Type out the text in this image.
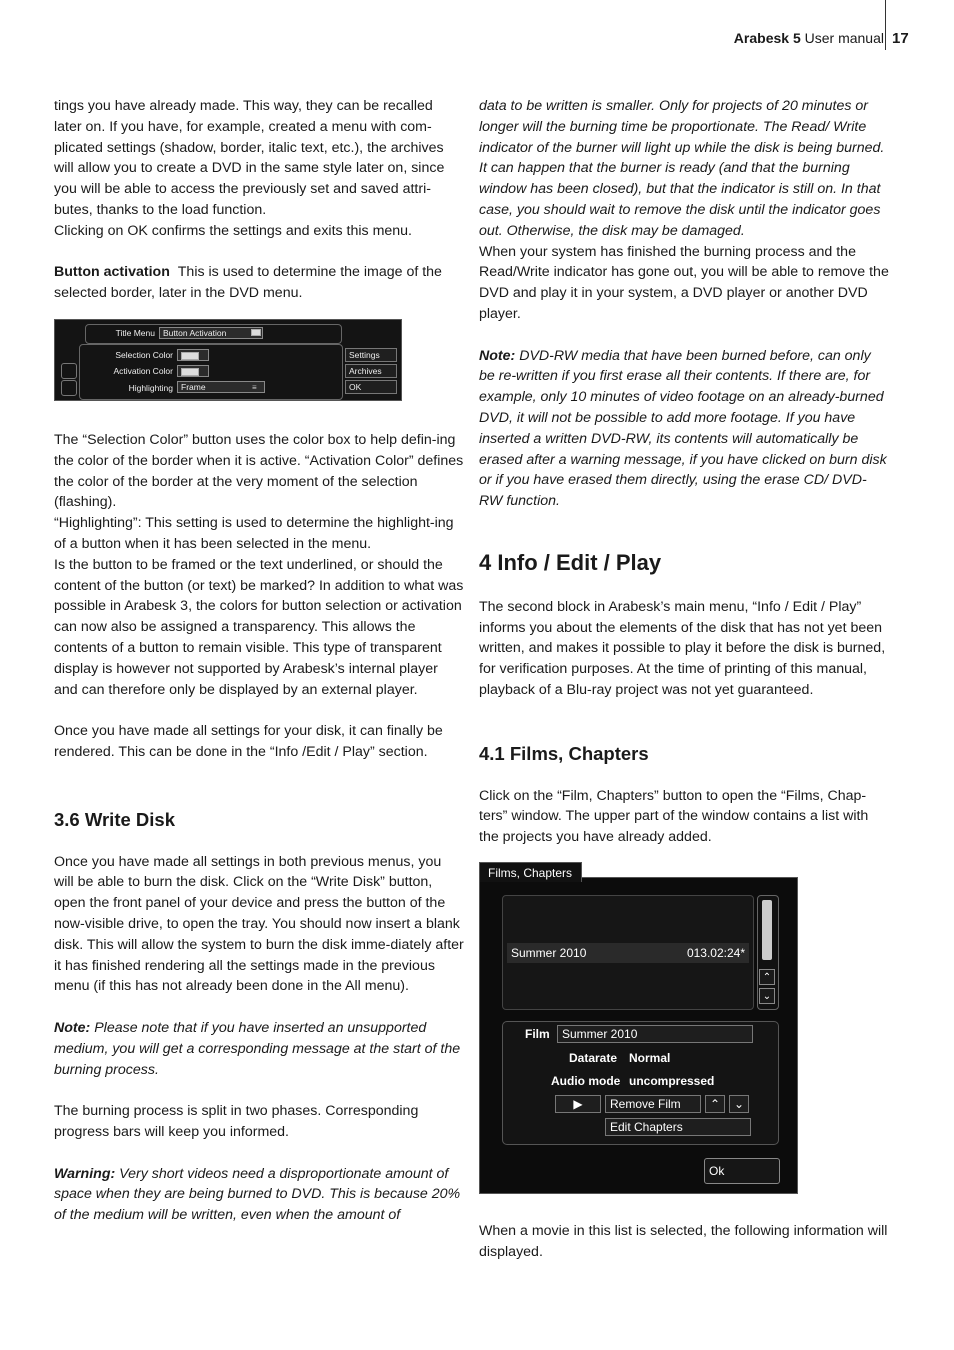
Arabesk 5 User manual 17

tings you have already made. This way, they can be recalled later on. If you have, for example, created a menu with com-plicated settings (shadow, border, italic text, etc.), the archives will allow you to create a DVD in the same style later on, since you will be able to access the previously set and saved attri-butes, thanks to the load function.

Clicking on OK confirms the settings and exits this menu.

Button activation This is used to determine the image of the selected border, later in the DVD menu.

Title Menu Button Activation
Selection Color
Activation Color
Highlighting Frame	≡
Settings
Archives
OK

The “Selection Color” button uses the color box to help defin-ing the color of the border when it is active. “Activation Color” defines the color of the border at the very moment of the selection (flashing).

“Highlighting”: This setting is used to determine the highlight-ing of a button when it has been selected in the menu.

Is the button to be framed or the text underlined, or should the content of the button (or text) be marked? In addition to what was possible in Arabesk 3, the colors for button selection or activation can now also be assigned a transparency. This allows the contents of a button to remain visible. This type of transparent display is however not supported by Arabesk’s internal player and can therefore only be displayed by an external player.

Once you have made all settings for your disk, it can finally be rendered. This can be done in the “Info /Edit / Play” section.

3.6 Write Disk

Once you have made all settings in both previous menus, you will be able to burn the disk. Click on the “Write Disk” button, open the front panel of your device and press the button of the now-visible drive, to open the tray. You should now insert a blank disk. This will allow the system to burn the disk imme-diately after it has finished rendering all the settings made in the previous menu (if this has not already been done in the All menu).

Note: Please note that if you have inserted an unsupported medium, you will get a corresponding message at the start of the burning process.

The burning process is split in two phases. Corresponding progress bars will keep you informed.

Warning: Very short videos need a disproportionate amount of space when they are being burned to DVD. This is because 20% of the medium will be written, even when the amount of

data to be written is smaller. Only for projects of 20 minutes or longer will the burning time be proportionate. The Read/ Write indicator of the burner will light up while the disk is being burned. It can happen that the burner is ready (and that the burning window has been closed), but that the indicator is still on. In that case, you should wait to remove the disk until the indicator goes out. Otherwise, the disk may be damaged.

When your system has finished the burning process and the Read/Write indicator has gone out, you will be able to remove the DVD and play it in your system, a DVD player or another DVD player.

Note: DVD-RW media that have been burned before, can only be re-written if you first erase all their contents. If there are, for example, only 10 minutes of video footage on an already-burned DVD, it will not be possible to add more footage. If you have inserted a written DVD-RW, its contents will automatically be erased after a warning message, if you have clicked on burn disk or if you have erased them directly, using the erase CD/ DVD-RW function.

4 Info / Edit / Play

The second block in Arabesk’s main menu, “Info / Edit / Play” informs you about the elements of the disk that has not yet been written, and makes it possible to play it before the disk is burned, for verification purposes. At the time of printing of this manual, playback of a Blu-ray project was not yet guaranteed.

4.1 Films, Chapters

Click on the “Film, Chapters” button to open the “Films, Chap-ters” window. The upper part of the window contains a list with the projects you have already added.

Summer 2010	013.02:24*
⌃
⌄
Film	Summer 2010
Datarate Normal
Audio mode uncompressed
▶	Remove Film	⌃	⌄
Edit Chapters
Ok
Films, Chapters

When a movie in this list is selected, the following information will displayed.
